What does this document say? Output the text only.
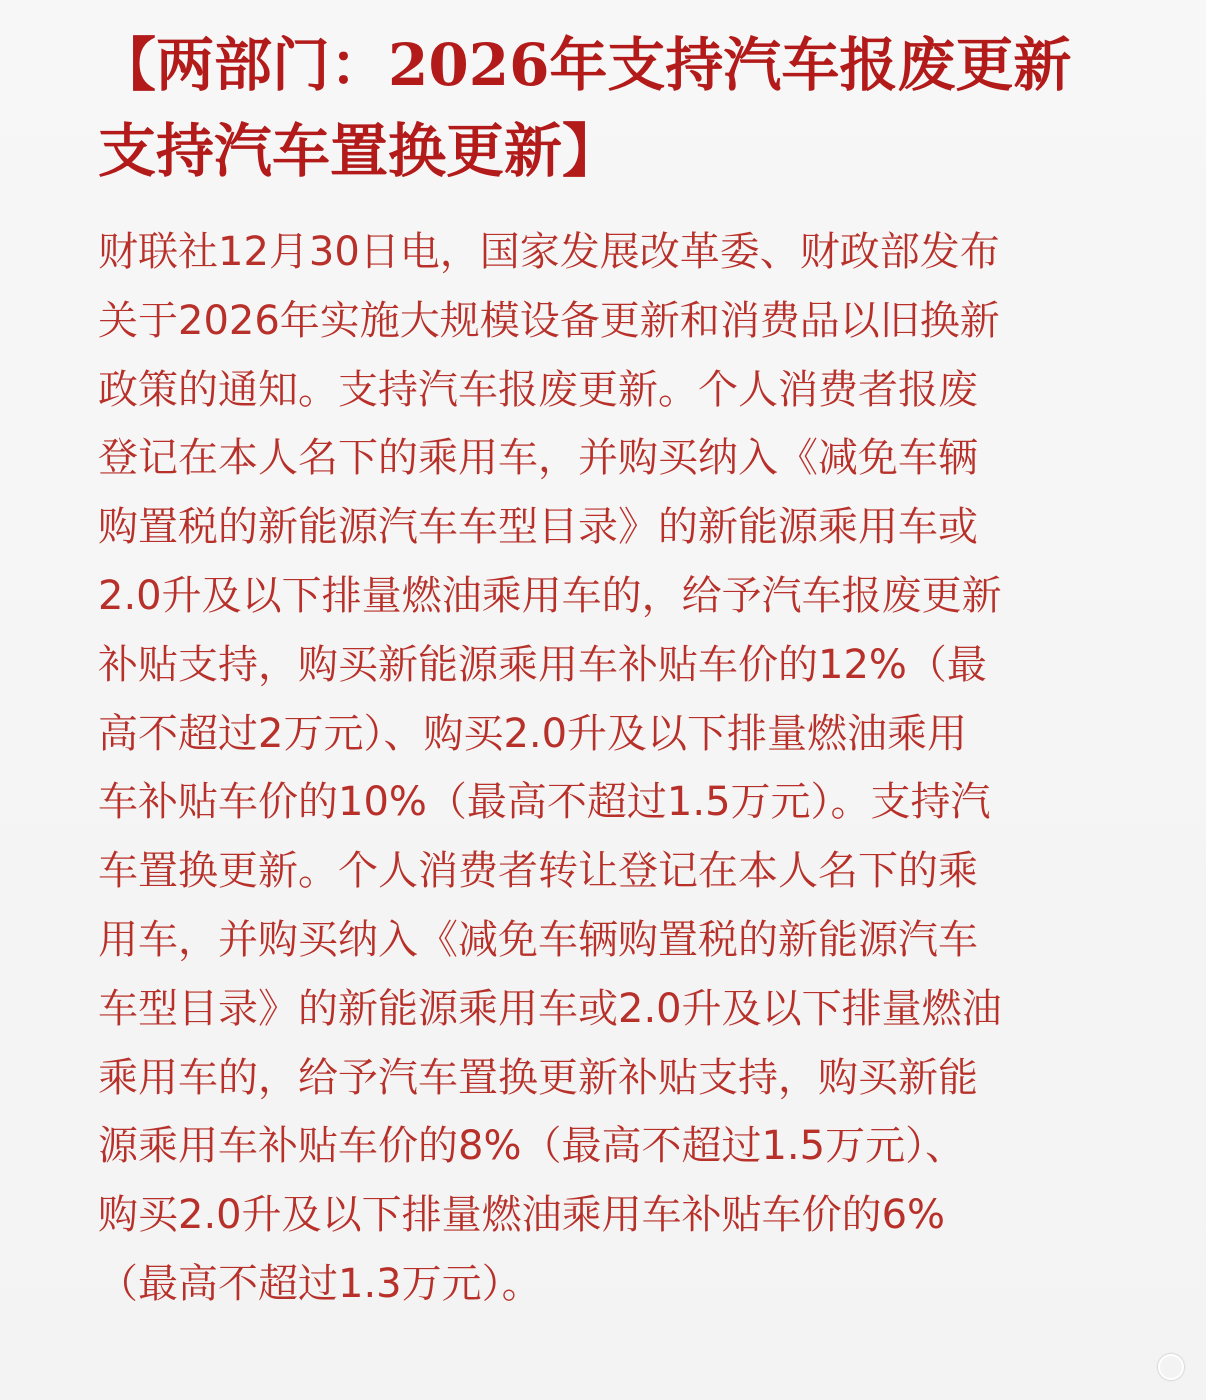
【两部门：2026年支持汽车报废更新
支持汽车置换更新】
财联社12月30日电，国家发展改革委、财政部发布
关于2026年实施大规模设备更新和消费品以旧换新
政策的通知。支持汽车报废更新。个人消费者报废
登记在本人名下的乘用车，并购买纳入《减免车辆
购置税的新能源汽车车型目录》的新能源乘用车或
2.0升及以下排量燃油乘用车的，给予汽车报废更新
补贴支持，购买新能源乘用车补贴车价的12%（最
高不超过2万元）、购买2.0升及以下排量燃油乘用
车补贴车价的10%（最高不超过1.5万元）。支持汽
车置换更新。个人消费者转让登记在本人名下的乘
用车，并购买纳入《减免车辆购置税的新能源汽车
车型目录》的新能源乘用车或2.0升及以下排量燃油
乘用车的，给予汽车置换更新补贴支持，购买新能
源乘用车补贴车价的8%（最高不超过1.5万元）、
购买2.0升及以下排量燃油乘用车补贴车价的6%
（最高不超过1.3万元）。
